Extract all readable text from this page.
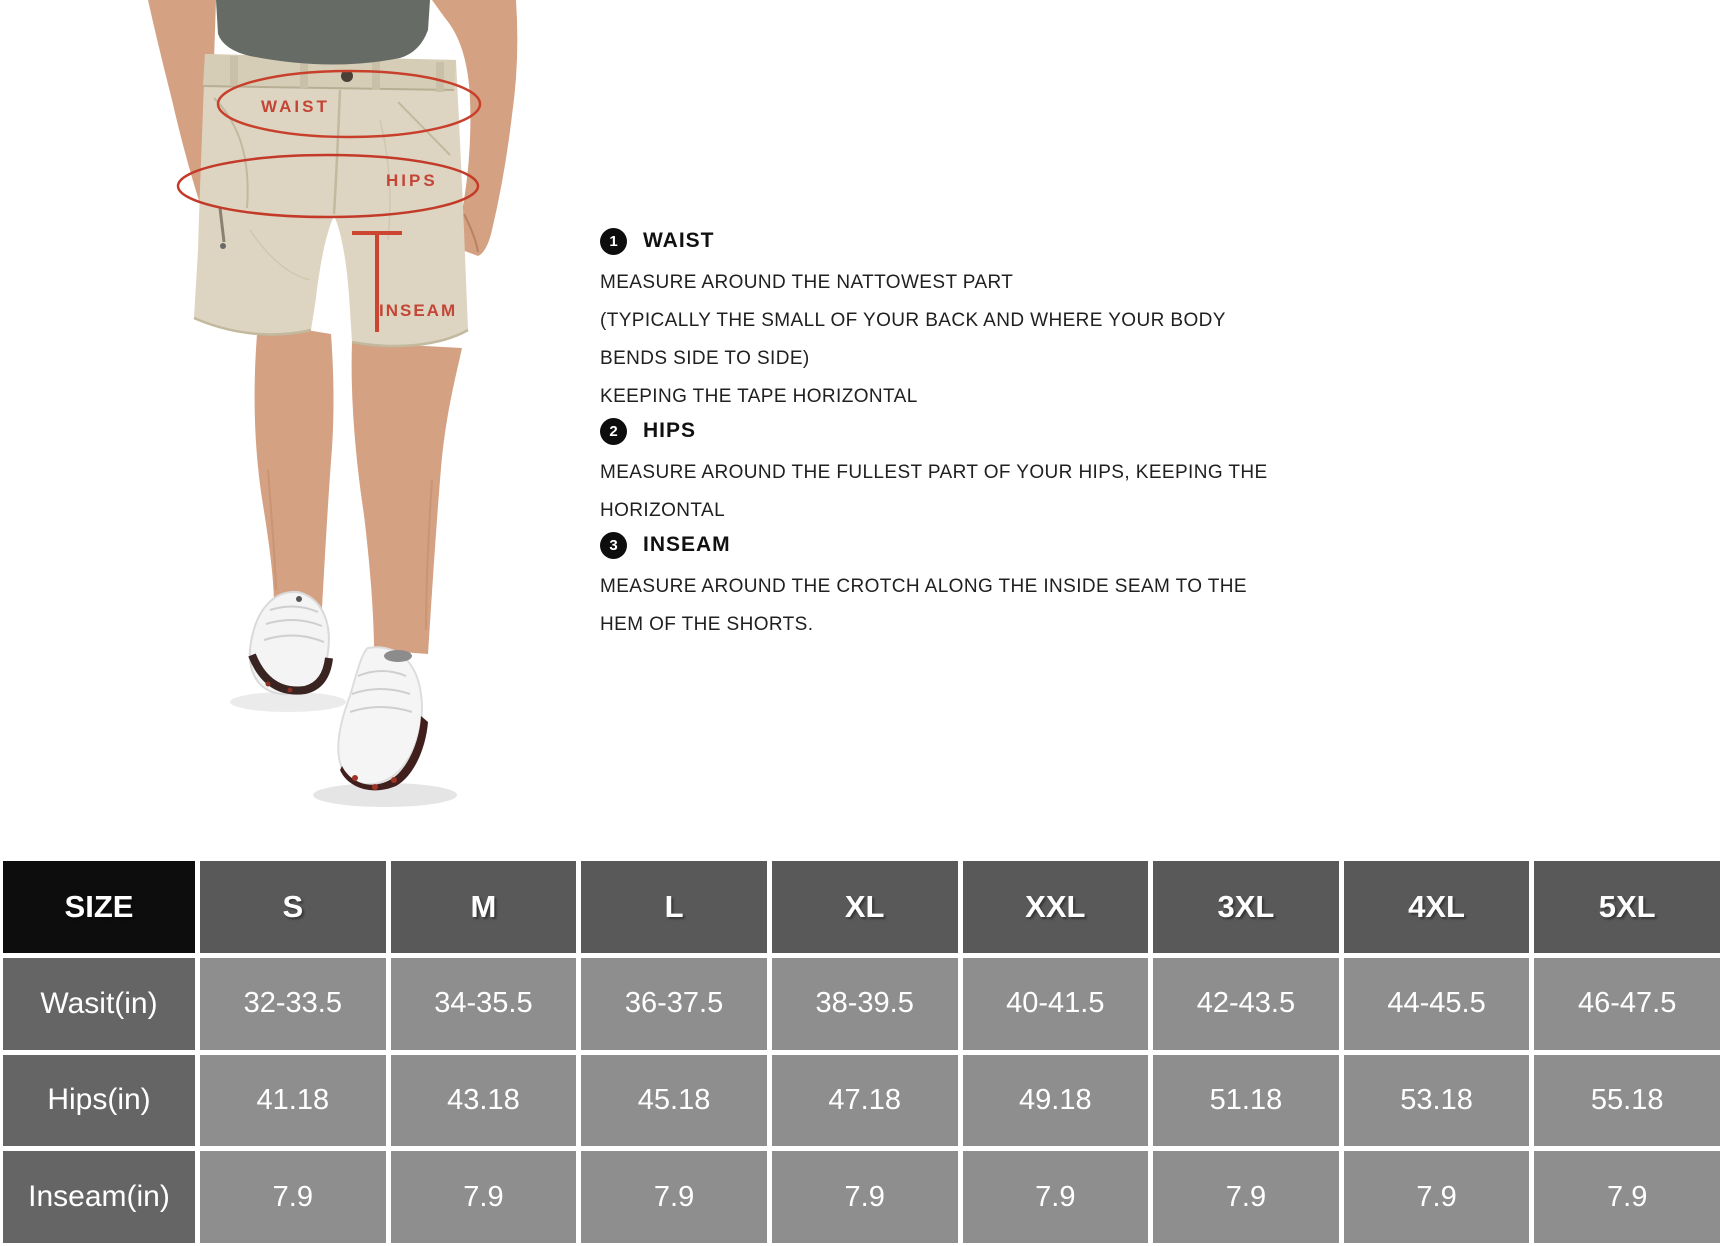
WAIST
HIPS
INSEAM
1	WAIST

MEASURE AROUND THE NATTOWEST PART

(TYPICALLY THE SMALL OF YOUR BACK AND WHERE YOUR BODY

BENDS SIDE TO SIDE)

KEEPING THE TAPE HORIZONTAL

2	HIPS

MEASURE AROUND THE FULLEST PART OF YOUR HIPS, KEEPING THE

HORIZONTAL

3	INSEAM

MEASURE AROUND THE CROTCH ALONG THE INSIDE SEAM TO THE

HEM OF THE SHORTS.

SIZE	S	M	L	XL	XXL	3XL	4XL	5XL
Wasit(in)	32-33.5	34-35.5	36-37.5	38-39.5	40-41.5	42-43.5	44-45.5	46-47.5
Hips(in)	41.18	43.18	45.18	47.18	49.18	51.18	53.18	55.18
Inseam(in)	7.9	7.9	7.9	7.9	7.9	7.9	7.9	7.9
